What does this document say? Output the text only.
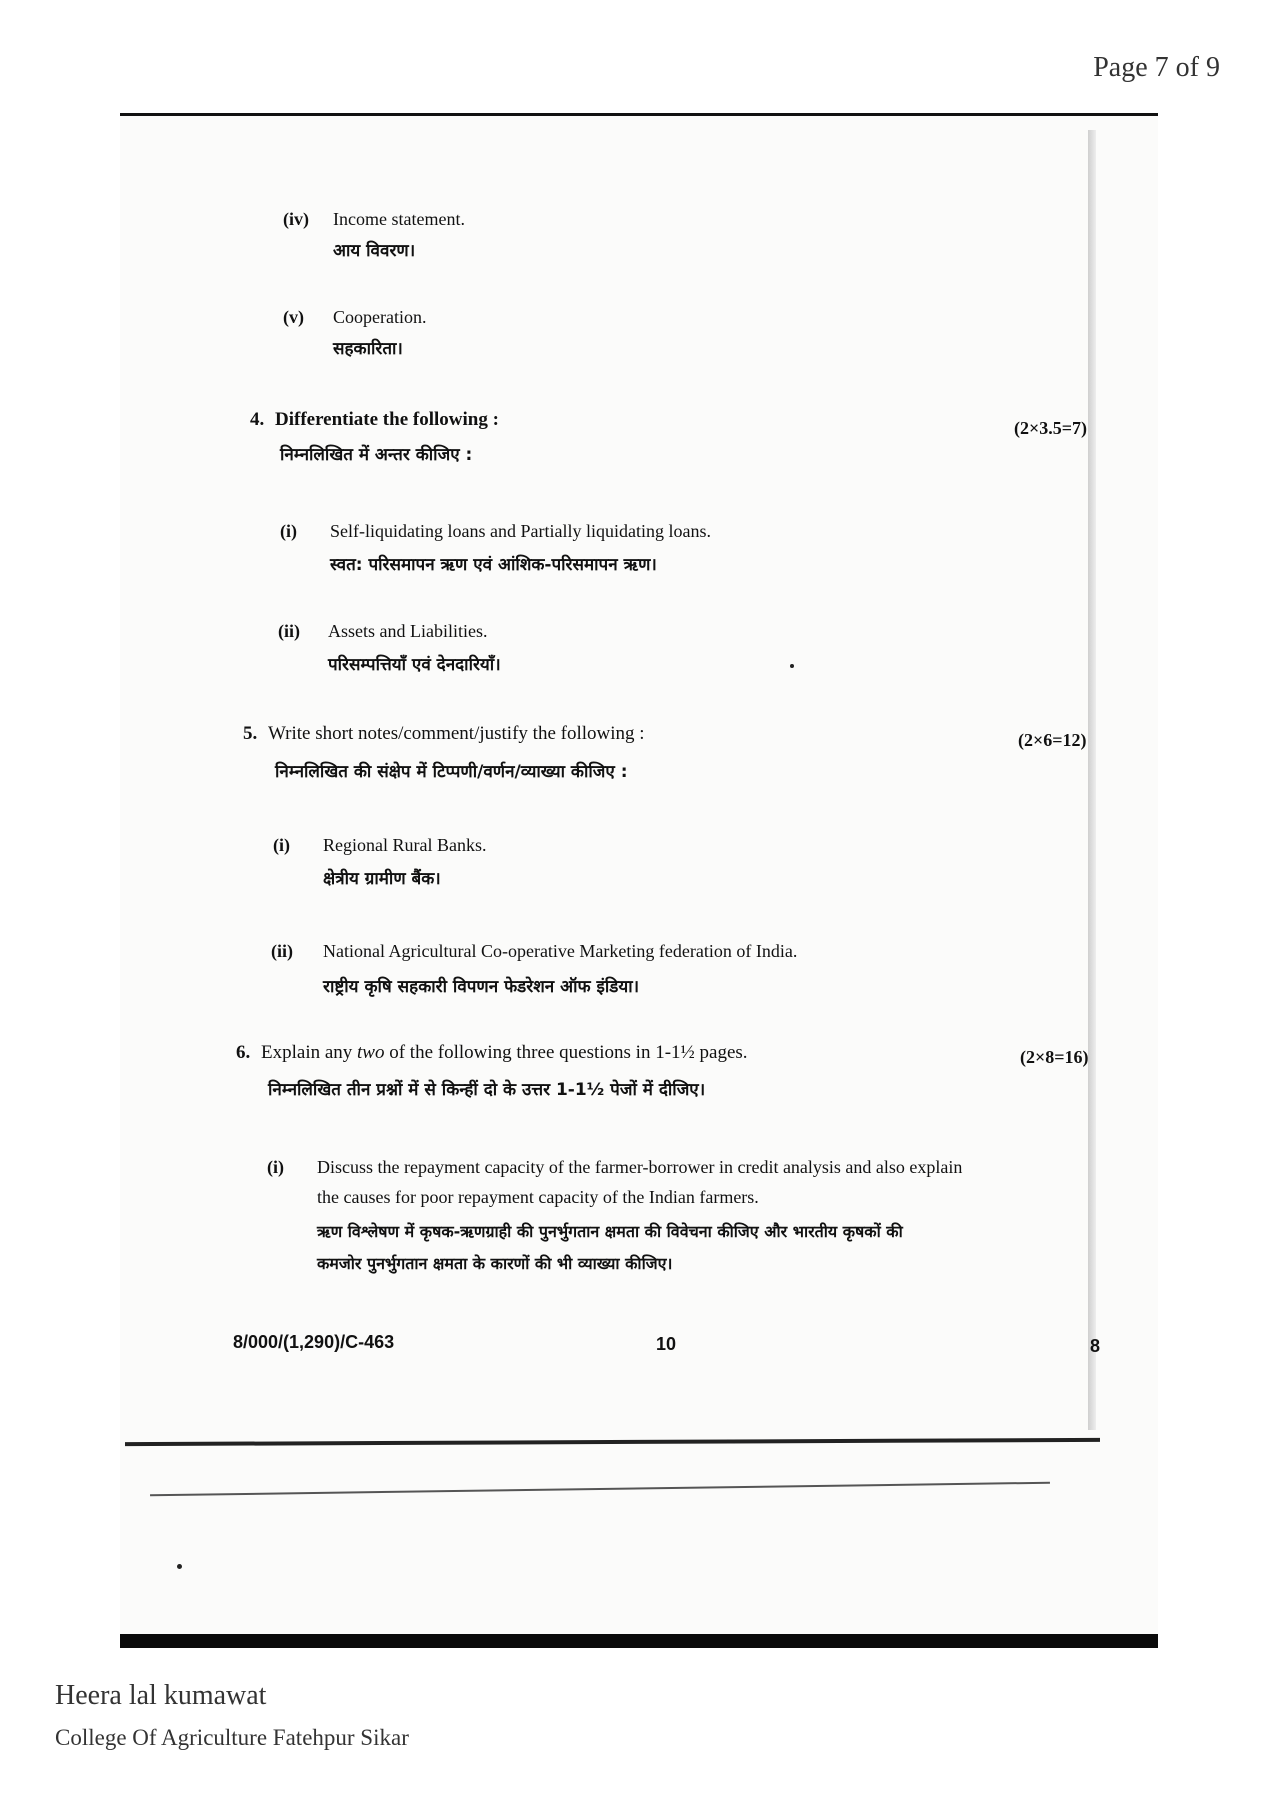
Page 7 of 9
(iv) Income statement.
आय विवरण।
(v) Cooperation.
सहकारिता।
4. Differentiate the following :
निम्नलिखित में अन्तर कीजिए :
(2×3.5=7)
(i) Self-liquidating loans and Partially liquidating loans.
स्वत: परिसमापन ऋण एवं आंशिक-परिसमापन ऋण।
(ii) Assets and Liabilities.
परिसम्पत्तियाँ एवं देनदारियाँ।
5. Write short notes/comment/justify the following :
निम्नलिखित की संक्षेप में टिप्पणी/वर्णन/व्याख्या कीजिए :
(2×6=12)
(i) Regional Rural Banks.
क्षेत्रीय ग्रामीण बैंक।
(ii) National Agricultural Co-operative Marketing federation of India.
राष्ट्रीय कृषि सहकारी विपणन फेडरेशन ऑफ इंडिया।
6. Explain any two of the following three questions in 1-1½ pages.
निम्नलिखित तीन प्रश्नों में से किन्हीं दो के उत्तर 1-1½ पेजों में दीजिए।
(2×8=16)
(i) Discuss the repayment capacity of the farmer-borrower in credit analysis and also explain
the causes for poor repayment capacity of the Indian farmers.
ऋण विश्लेषण में कृषक-ऋणग्राही की पुनर्भुगतान क्षमता की विवेचना कीजिए और भारतीय कृषकों की
कमजोर पुनर्भुगतान क्षमता के कारणों की भी व्याख्या कीजिए।
8/000/(1,290)/C-463	10	8
Heera lal kumawat
College Of Agriculture Fatehpur Sikar
